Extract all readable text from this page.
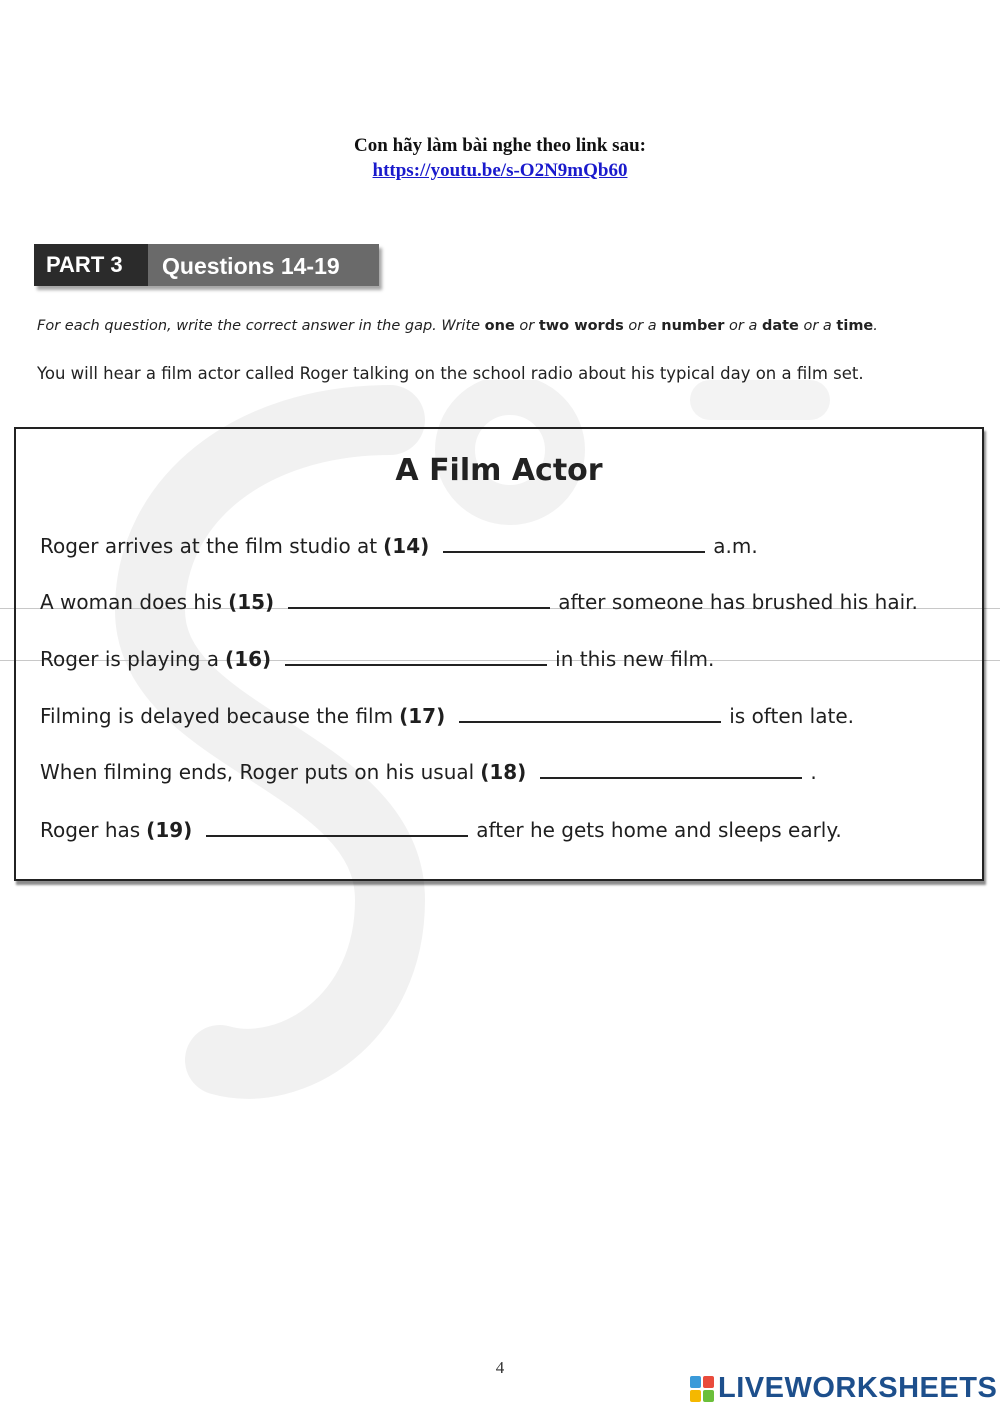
Con hãy làm bài nghe theo link sau:
https://youtu.be/s-O2N9mQb60
PART 3	Questions 14-19
For each question, write the correct answer in the gap. Write one or two words or a number or a date or a time.
You will hear a film actor called Roger talking on the school radio about his typical day on a film set.
A Film Actor
Roger arrives at the film studio at (14)	a.m.
A woman does his (15)	after someone has brushed his hair.
Roger is playing a (16)	in this new film.
Filming is delayed because the film (17)	is often late.
When filming ends, Roger puts on his usual (18)	.
Roger has (19)	after he gets home and sleeps early.
4
LIVEWORKSHEETS
